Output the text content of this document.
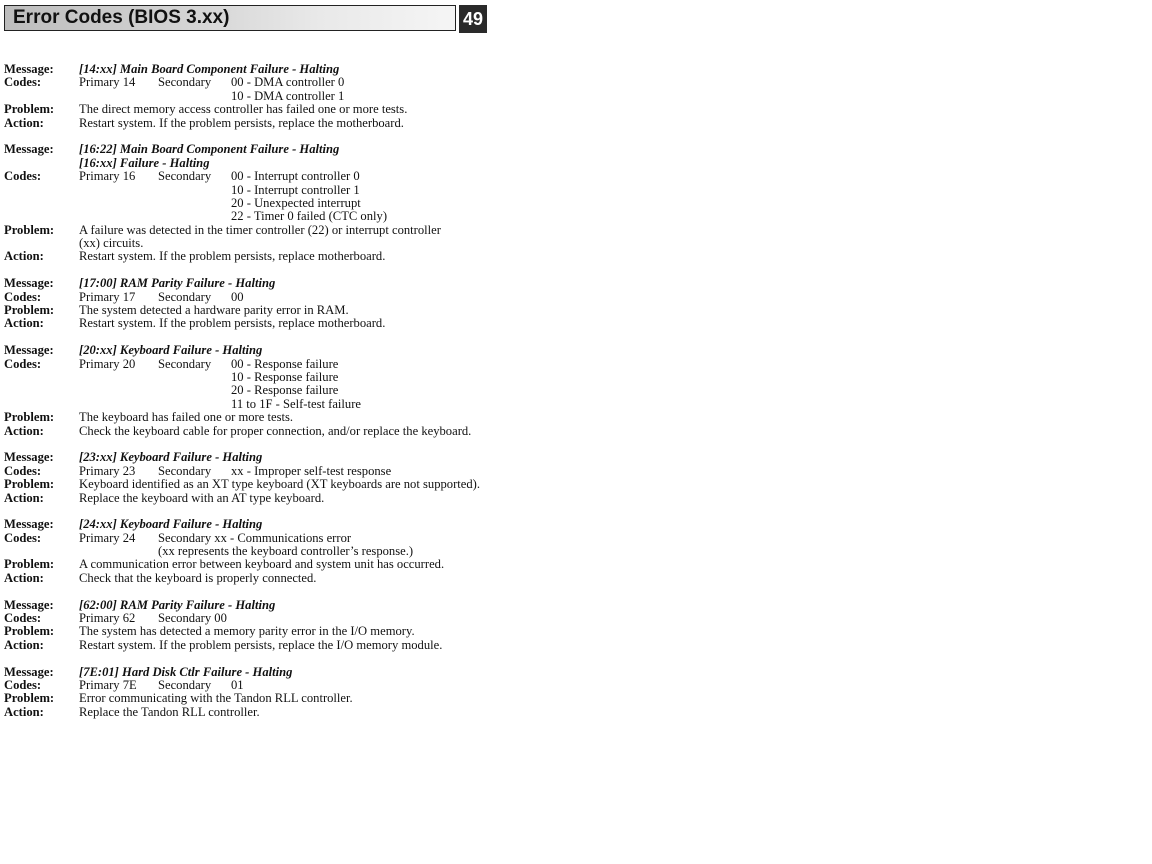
Error Codes (BIOS 3.xx)	49
Message: [14:xx] Main Board Component Failure - Halting
Codes:	Primary 14 Secondary 00 - DMA controller 0
10 - DMA controller 1
Problem: The direct memory access controller has failed one or more tests.
Action:	Restart system. If the problem persists, replace the motherboard.
Message: [16:22] Main Board Component Failure - Halting
[16:xx] Failure - Halting
Codes:	Primary 16 Secondary 00 - Interrupt controller 0
10 - Interrupt controller 1
20 - Unexpected interrupt
22 - Timer 0 failed (CTC only)
Problem: A failure was detected in the timer controller (22) or interrupt controller
(xx) circuits.
Action:	Restart system. If the problem persists, replace motherboard.
Message: [17:00] RAM Parity Failure - Halting
Codes:	Primary 17 Secondary 00
Problem: The system detected a hardware parity error in RAM.
Action:	Restart system. If the problem persists, replace motherboard.
Message: [20:xx] Keyboard Failure - Halting
Codes:	Primary 20 Secondary 00 - Response failure
10 - Response failure
20 - Response failure
11 to 1F - Self-test failure
Problem: The keyboard has failed one or more tests.
Action:	Check the keyboard cable for proper connection, and/or replace the keyboard.
Message: [23:xx] Keyboard Failure - Halting
Codes:	Primary 23 Secondary xx - Improper self-test response
Problem: Keyboard identified as an XT type keyboard (XT keyboards are not supported).
Action:	Replace the keyboard with an AT type keyboard.
Message: [24:xx] Keyboard Failure - Halting
Codes:	Primary 24 Secondary xx - Communications error
(xx represents the keyboard controller’s response.)
Problem: A communication error between keyboard and system unit has occurred.
Action:	Check that the keyboard is properly connected.
Message: [62:00] RAM Parity Failure - Halting
Codes:	Primary 62 Secondary 00
Problem: The system has detected a memory parity error in the I/O memory.
Action:	Restart system. If the problem persists, replace the I/O memory module.
Message: [7E:01] Hard Disk Ctlr Failure - Halting
Codes:	Primary 7E Secondary 01
Problem: Error communicating with the Tandon RLL controller.
Action:	Replace the Tandon RLL controller.
